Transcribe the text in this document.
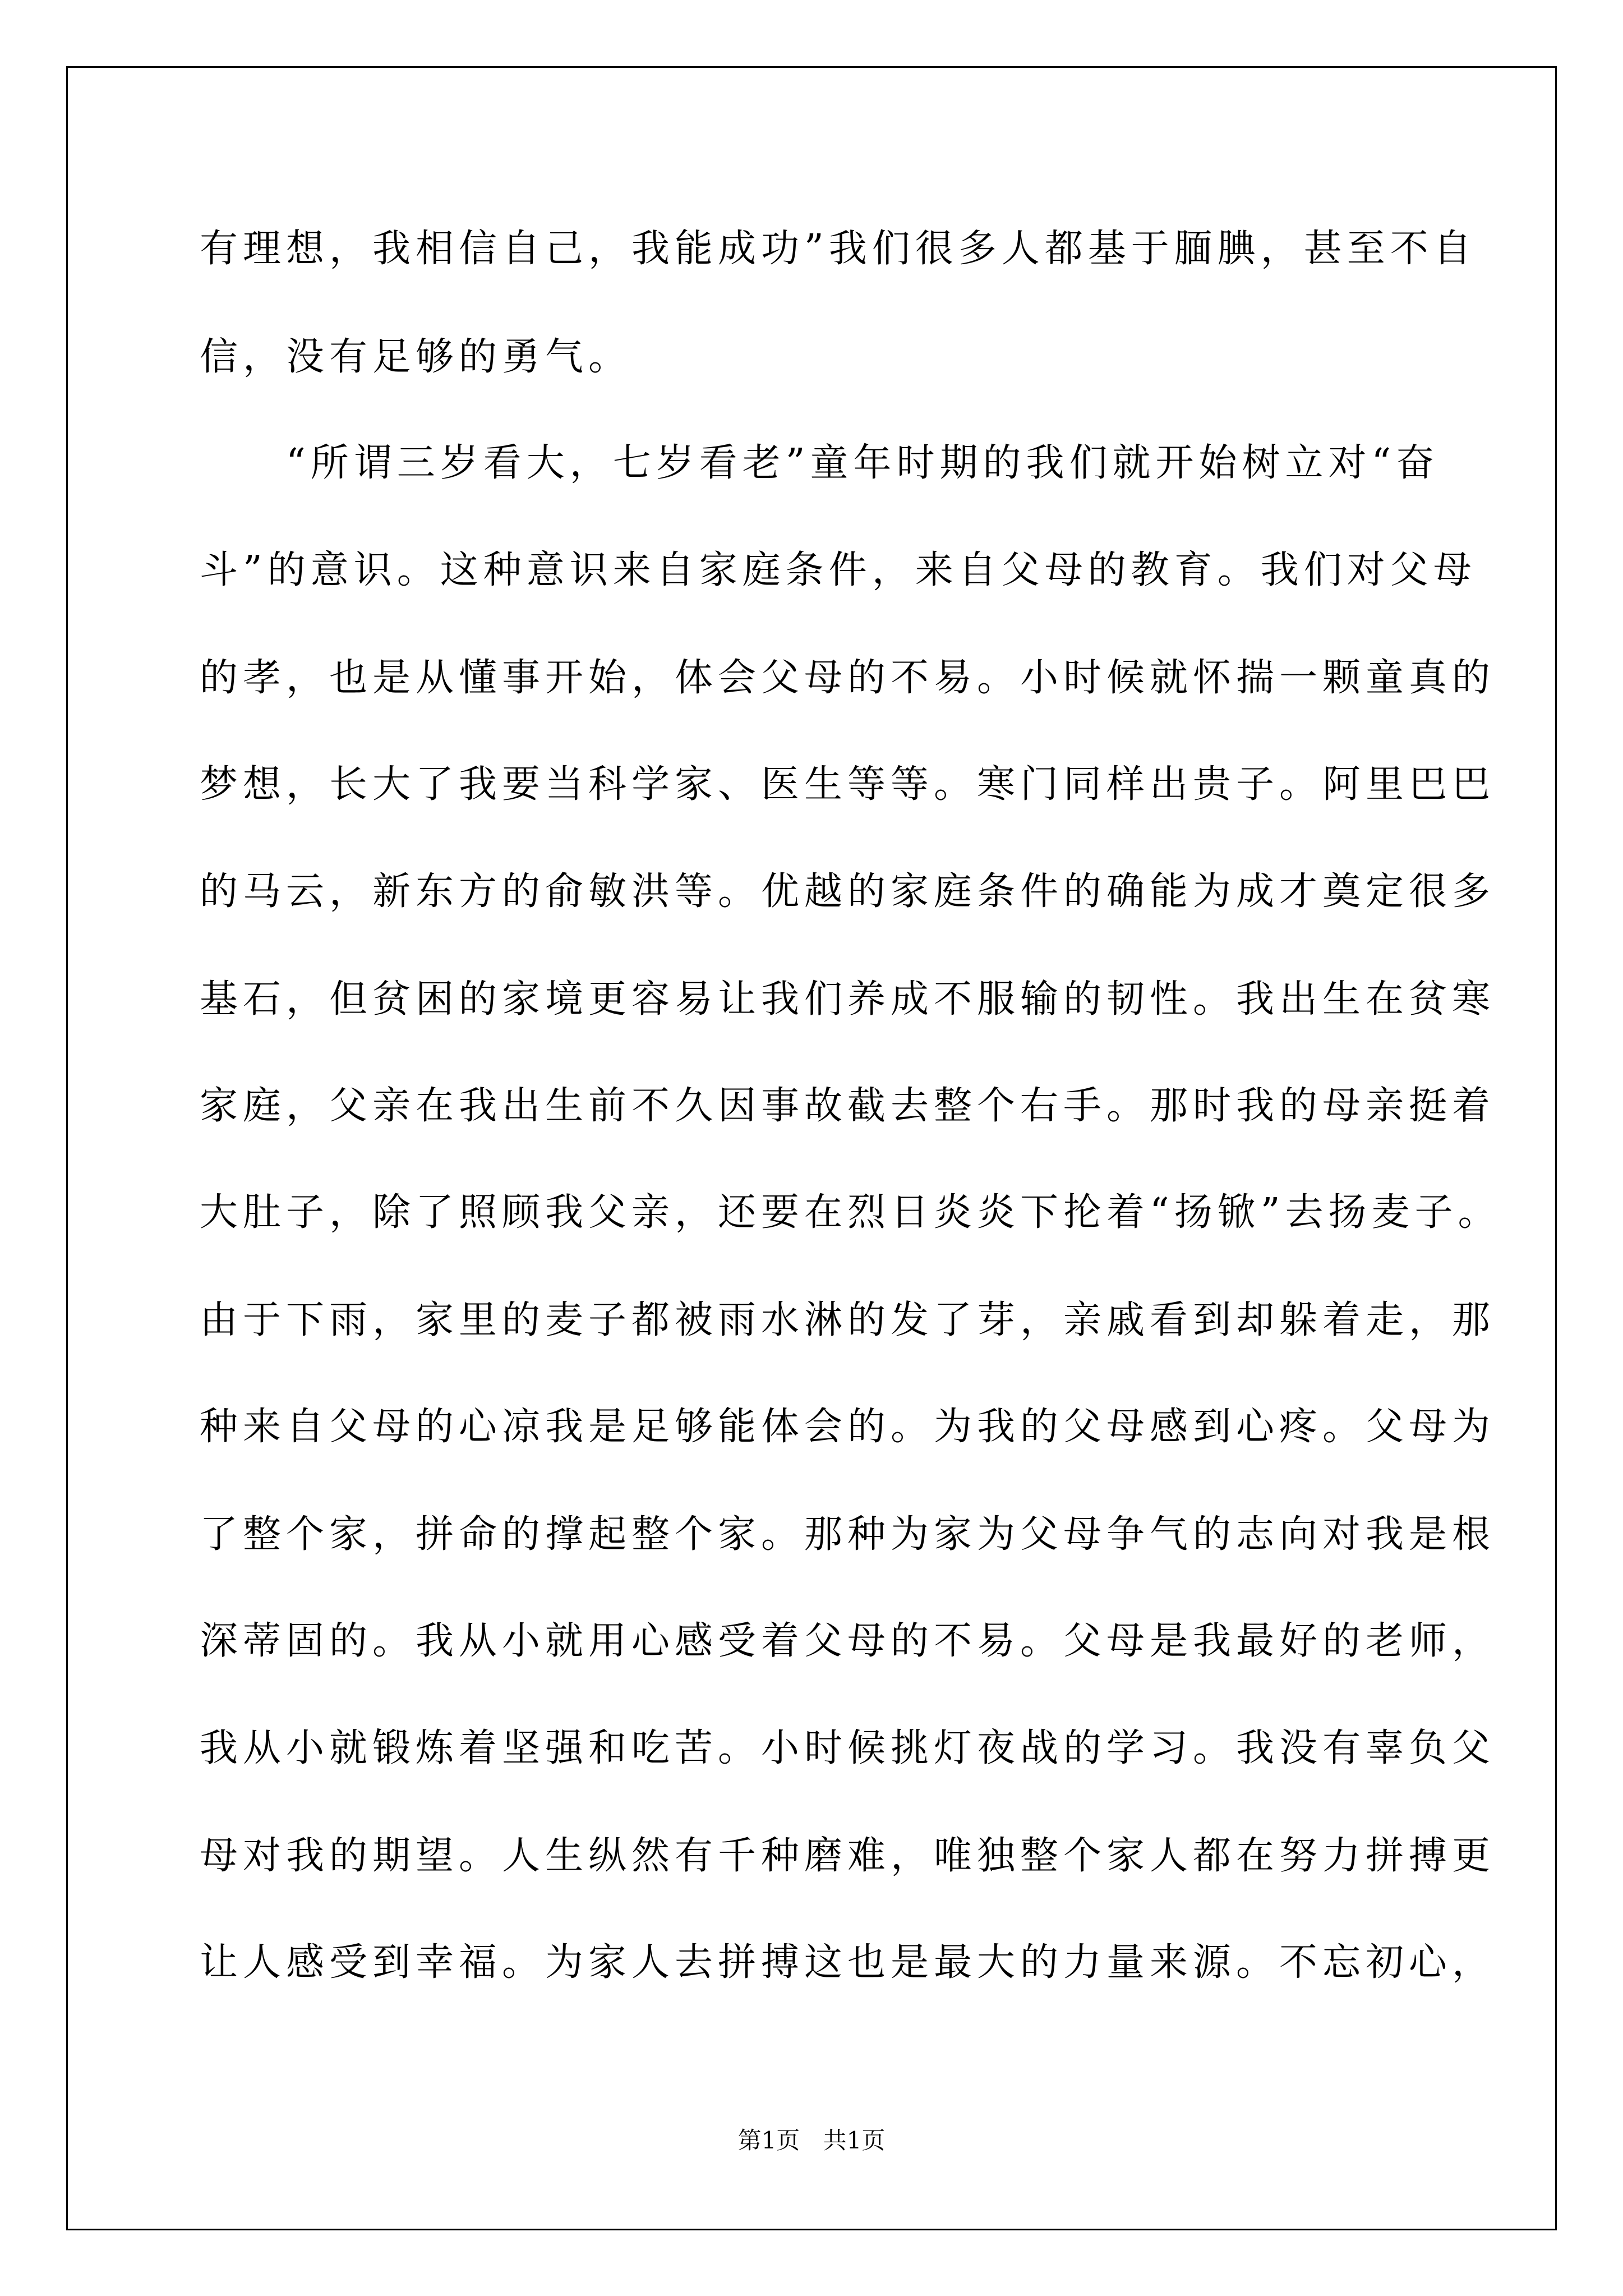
有理想，我相信自己，我能成功”我们很多人都基于腼腆，甚至不自
信，没有足够的勇气。
“所谓三岁看大，七岁看老”童年时期的我们就开始树立对“奋
斗”的意识。这种意识来自家庭条件，来自父母的教育。我们对父母
的孝，也是从懂事开始，体会父母的不易。小时候就怀揣一颗童真的
梦想，长大了我要当科学家、医生等等。寒门同样出贵子。阿里巴巴
的马云，新东方的俞敏洪等。优越的家庭条件的确能为成才奠定很多
基石，但贫困的家境更容易让我们养成不服输的韧性。我出生在贫寒
家庭，父亲在我出生前不久因事故截去整个右手。那时我的母亲挺着
大肚子，除了照顾我父亲，还要在烈日炎炎下抡着“扬锨”去扬麦子。
由于下雨，家里的麦子都被雨水淋的发了芽，亲戚看到却躲着走，那
种来自父母的心凉我是足够能体会的。为我的父母感到心疼。父母为
了整个家，拼命的撑起整个家。那种为家为父母争气的志向对我是根
深蒂固的。我从小就用心感受着父母的不易。父母是我最好的老师，
我从小就锻炼着坚强和吃苦。小时候挑灯夜战的学习。我没有辜负父
母对我的期望。人生纵然有千种磨难，唯独整个家人都在努力拼搏更
让人感受到幸福。为家人去拼搏这也是最大的力量来源。不忘初心，
第1页 共1页
